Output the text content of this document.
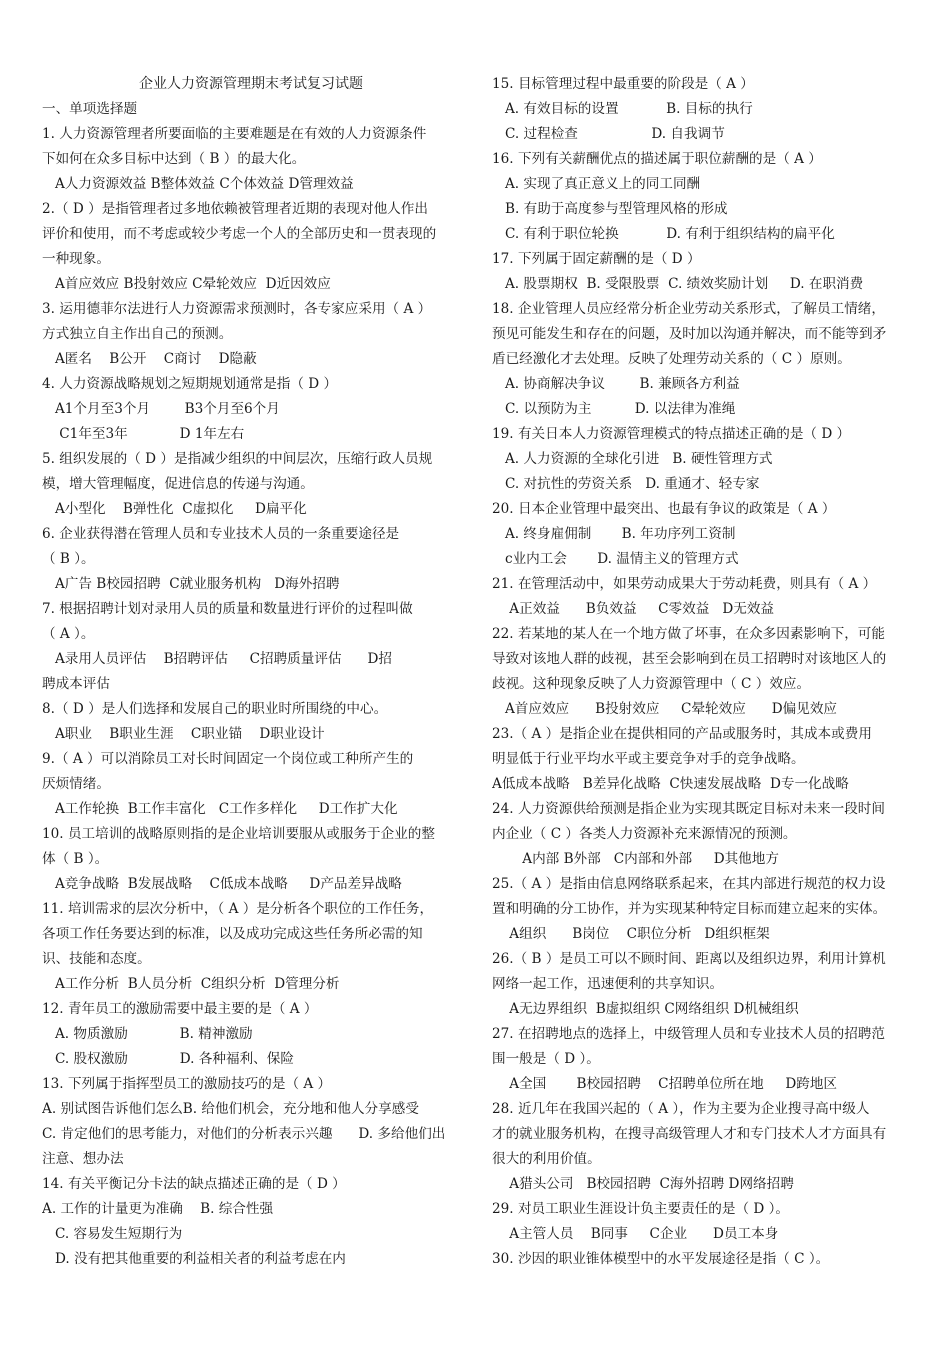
企业人力资源管理期末考试复习试题
一、单项选择题
1. 人力资源管理者所要面临的主要难题是在有效的人力资源条件
下如何在众多目标中达到（ B ）的最大化。
A人力资源效益 B整体效益 C个体效益 D管理效益
2.（ D ）是指管理者过多地依赖被管理者近期的表现对他人作出
评价和使用，而不考虑或较少考虑一个人的全部历史和一贯表现的
一种现象。
A首应效应 B投射效应 C晕轮效应  D近因效应
3. 运用德菲尔法进行人力资源需求预测时，各专家应采用（ A ）
方式独立自主作出自己的预测。
A匿名    B公开    C商讨    D隐蔽
4. 人力资源战略规划之短期规划通常是指（ D ）
A1个月至3个月        B3个月至6个月
C1年至3年            D 1年左右
5. 组织发展的（ D ）是指减少组织的中间层次，压缩行政人员规
模，增大管理幅度，促进信息的传递与沟通。
A小型化    B弹性化  C虚拟化     D扁平化
6. 企业获得潜在管理人员和专业技术人员的一条重要途径是
（ B ）。
A广告 B校园招聘  C就业服务机构   D海外招聘
7. 根据招聘计划对录用人员的质量和数量进行评价的过程叫做
（ A ）。
A录用人员评估    B招聘评估     C招聘质量评估      D招
聘成本评估
8.（ D ）是人们选择和发展自己的职业时所围绕的中心。
A职业    B职业生涯    C职业锚    D职业设计
9.（ A ）可以消除员工对长时间固定一个岗位或工种所产生的
厌烦情绪。
A工作轮换  B工作丰富化   C工作多样化     D工作扩大化
10. 员工培训的战略原则指的是企业培训要服从或服务于企业的整
体（ B ）。
A竞争战略  B发展战略    C低成本战略     D产品差异战略
11. 培训需求的层次分析中，（ A ）是分析各个职位的工作任务，
各项工作任务要达到的标准，以及成功完成这些任务所必需的知
识、技能和态度。
A工作分析  B人员分析  C组织分析  D管理分析
12. 青年员工的激励需要中最主要的是（ A ）
A. 物质激励            B. 精神激励
C. 股权激励            D. 各种福利、保险
13. 下列属于指挥型员工的激励技巧的是（ A ）
A. 别试图告诉他们怎么B. 给他们机会，充分地和他人分享感受
C. 肯定他们的思考能力，对他们的分析表示兴趣      D. 多给他们出
注意、想办法
14. 有关平衡记分卡法的缺点描述正确的是（ D ）
A. 工作的计量更为准确    B. 综合性强
C. 容易发生短期行为
D. 没有把其他重要的利益相关者的利益考虑在内
15. 目标管理过程中最重要的阶段是（ A ）
A. 有效目标的设置           B. 目标的执行
C. 过程检查                 D. 自我调节
16. 下列有关薪酬优点的描述属于职位薪酬的是（ A ）
A. 实现了真正意义上的同工同酬
B. 有助于高度参与型管理风格的形成
C. 有利于职位轮换           D. 有利于组织结构的扁平化
17. 下列属于固定薪酬的是（ D ）
A. 股票期权  B. 受限股票  C. 绩效奖励计划     D. 在职消费
18. 企业管理人员应经常分析企业劳动关系形式，了解员工情绪，
预见可能发生和存在的问题，及时加以沟通并解决，而不能等到矛
盾已经激化才去处理。反映了处理劳动关系的（ C ）原则。
A. 协商解决争议        B. 兼顾各方利益
C. 以预防为主          D. 以法律为准绳
19. 有关日本人力资源管理模式的特点描述正确的是（ D ）
A. 人力资源的全球化引进   B. 硬性管理方式
C. 对抗性的劳资关系   D. 重通才、轻专家
20. 日本企业管理中最突出、也最有争议的政策是（ A ）
A. 终身雇佣制       B. 年功序列工资制
c业内工会       D. 温情主义的管理方式
21. 在管理活动中，如果劳动成果大于劳动耗费，则具有（ A ）
A正效益      B负效益     C零效益   D无效益
22. 若某地的某人在一个地方做了坏事，在众多因素影响下，可能
导致对该地人群的歧视，甚至会影响到在员工招聘时对该地区人的
歧视。这种现象反映了人力资源管理中（ C ）效应。
A首应效应      B投射效应     C晕轮效应      D偏见效应
23.（ A ）是指企业在提供相同的产品或服务时，其成本或费用
明显低于行业平均水平或主要竞争对手的竞争战略。
A低成本战略   B差异化战略  C快速发展战略  D专一化战略
24. 人力资源供给预测是指企业为实现其既定目标对未来一段时间
内企业（ C ）各类人力资源补充来源情况的预测。
A内部 B外部   C内部和外部     D其他地方
25.（ A ）是指由信息网络联系起来，在其内部进行规范的权力设
置和明确的分工协作，并为实现某种特定目标而建立起来的实体。
A组织      B岗位    C职位分析   D组织框架
26.（ B ）是员工可以不顾时间、距离以及组织边界，利用计算机
网络一起工作，迅速便利的共享知识。
A无边界组织  B虚拟组织 C网络组织 D机械组织
27. 在招聘地点的选择上，中级管理人员和专业技术人员的招聘范
围一般是（ D ）。
A全国       B校园招聘    C招聘单位所在地     D跨地区
28. 近几年在我国兴起的（ A ），作为主要为企业搜寻高中级人
才的就业服务机构，在搜寻高级管理人才和专门技术人才方面具有
很大的利用价值。
A猎头公司   B校园招聘  C海外招聘 D网络招聘
29. 对员工职业生涯设计负主要责任的是（ D ）。
A主管人员    B同事     C企业      D员工本身
30. 沙因的职业锥体模型中的水平发展途径是指（ C ）。
